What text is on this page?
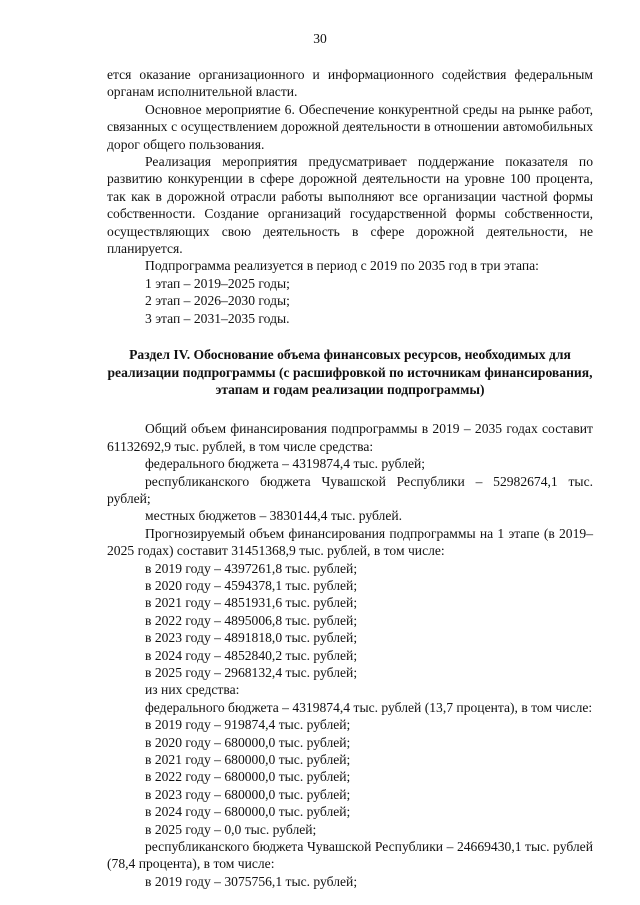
30

ется оказание организационного и информационного содействия федеральным органам исполнительной власти.

Основное мероприятие 6. Обеспечение конкурентной среды на рынке работ, связанных с осуществлением дорожной деятельности в отношении автомобильных дорог общего пользования.

Реализация мероприятия предусматривает поддержание показателя по развитию конкуренции в сфере дорожной деятельности на уровне 100 процента, так как в дорожной отрасли работы выполняют все организации частной формы собственности. Создание организаций государственной формы собственности, осуществляющих свою деятельность в сфере дорожной деятельности, не планируется.

Подпрограмма реализуется в период с 2019 по 2035 год в три этапа:

1 этап – 2019–2025 годы;

2 этап – 2026–2030 годы;

3 этап – 2031–2035 годы.

Раздел IV. Обоснование объема финансовых ресурсов, необходимых для реализации подпрограммы (с расшифровкой по источникам финансирования, этапам и годам реализации подпрограммы)

Общий объем финансирования подпрограммы в 2019 – 2035 годах составит 61132692,9 тыс. рублей, в том числе средства:

федерального бюджета – 4319874,4 тыс. рублей;

республиканского бюджета Чувашской Республики – 52982674,1 тыс. рублей;

местных бюджетов – 3830144,4 тыс. рублей.

Прогнозируемый объем финансирования подпрограммы на 1 этапе (в 2019–2025 годах) составит 31451368,9 тыс. рублей, в том числе:

в 2019 году – 4397261,8 тыс. рублей;

в 2020 году – 4594378,1 тыс. рублей;

в 2021 году – 4851931,6 тыс. рублей;

в 2022 году – 4895006,8 тыс. рублей;

в 2023 году – 4891818,0 тыс. рублей;

в 2024 году – 4852840,2 тыс. рублей;

в 2025 году – 2968132,4 тыс. рублей;

из них средства:

федерального бюджета – 4319874,4 тыс. рублей (13,7 процента), в том числе:

в 2019 году – 919874,4 тыс. рублей;

в 2020 году – 680000,0 тыс. рублей;

в 2021 году – 680000,0 тыс. рублей;

в 2022 году – 680000,0 тыс. рублей;

в 2023 году – 680000,0 тыс. рублей;

в 2024 году – 680000,0 тыс. рублей;

в 2025 году – 0,0 тыс. рублей;

республиканского бюджета Чувашской Республики – 24669430,1 тыс. рублей (78,4 процента), в том числе:

в 2019 году – 3075756,1 тыс. рублей;
